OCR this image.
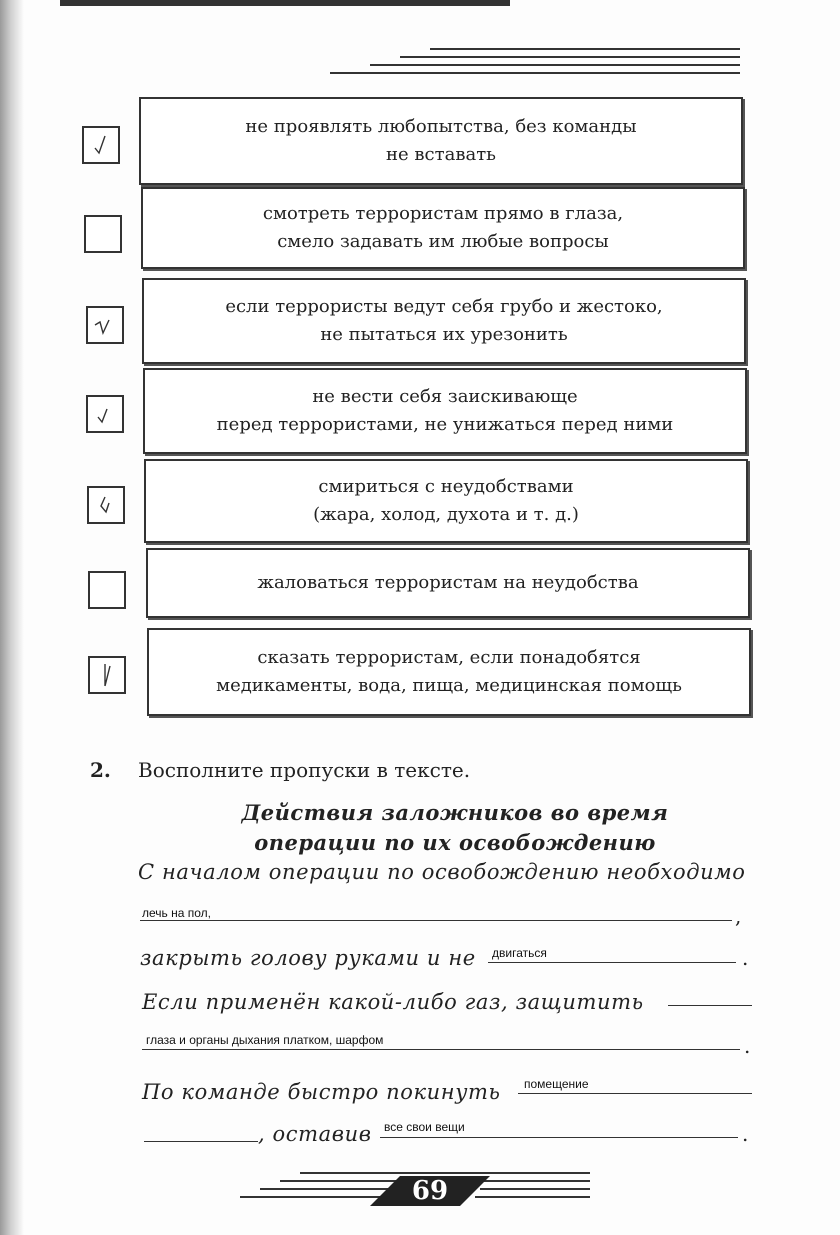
не проявлять любопытства, без команды
не вставать
смотреть террористам прямо в глаза,
смело задавать им любые вопросы
если террористы ведут себя грубо и жестоко,
не пытаться их урезонить
не вести себя заискивающе
перед террористами, не унижаться перед ними
смириться с неудобствами
(жара, холод, духота и т. д.)
жаловаться террористам на неудобства
сказать террористам, если понадобятся
медикаменты, вода, пища, медицинская помощь
2. Восполните пропуски в тексте.
Действия заложников во время
операции по их освобождению
С началом операции по освобождению необходимо
лечь на пол,	,
закрыть голову руками и не двигаться	.
Если применён какой-либо газ, защитить
глаза и органы дыхания платком, шарфом	.
По команде быстро покинуть помещение
, оставив все свои вещи	.
69
